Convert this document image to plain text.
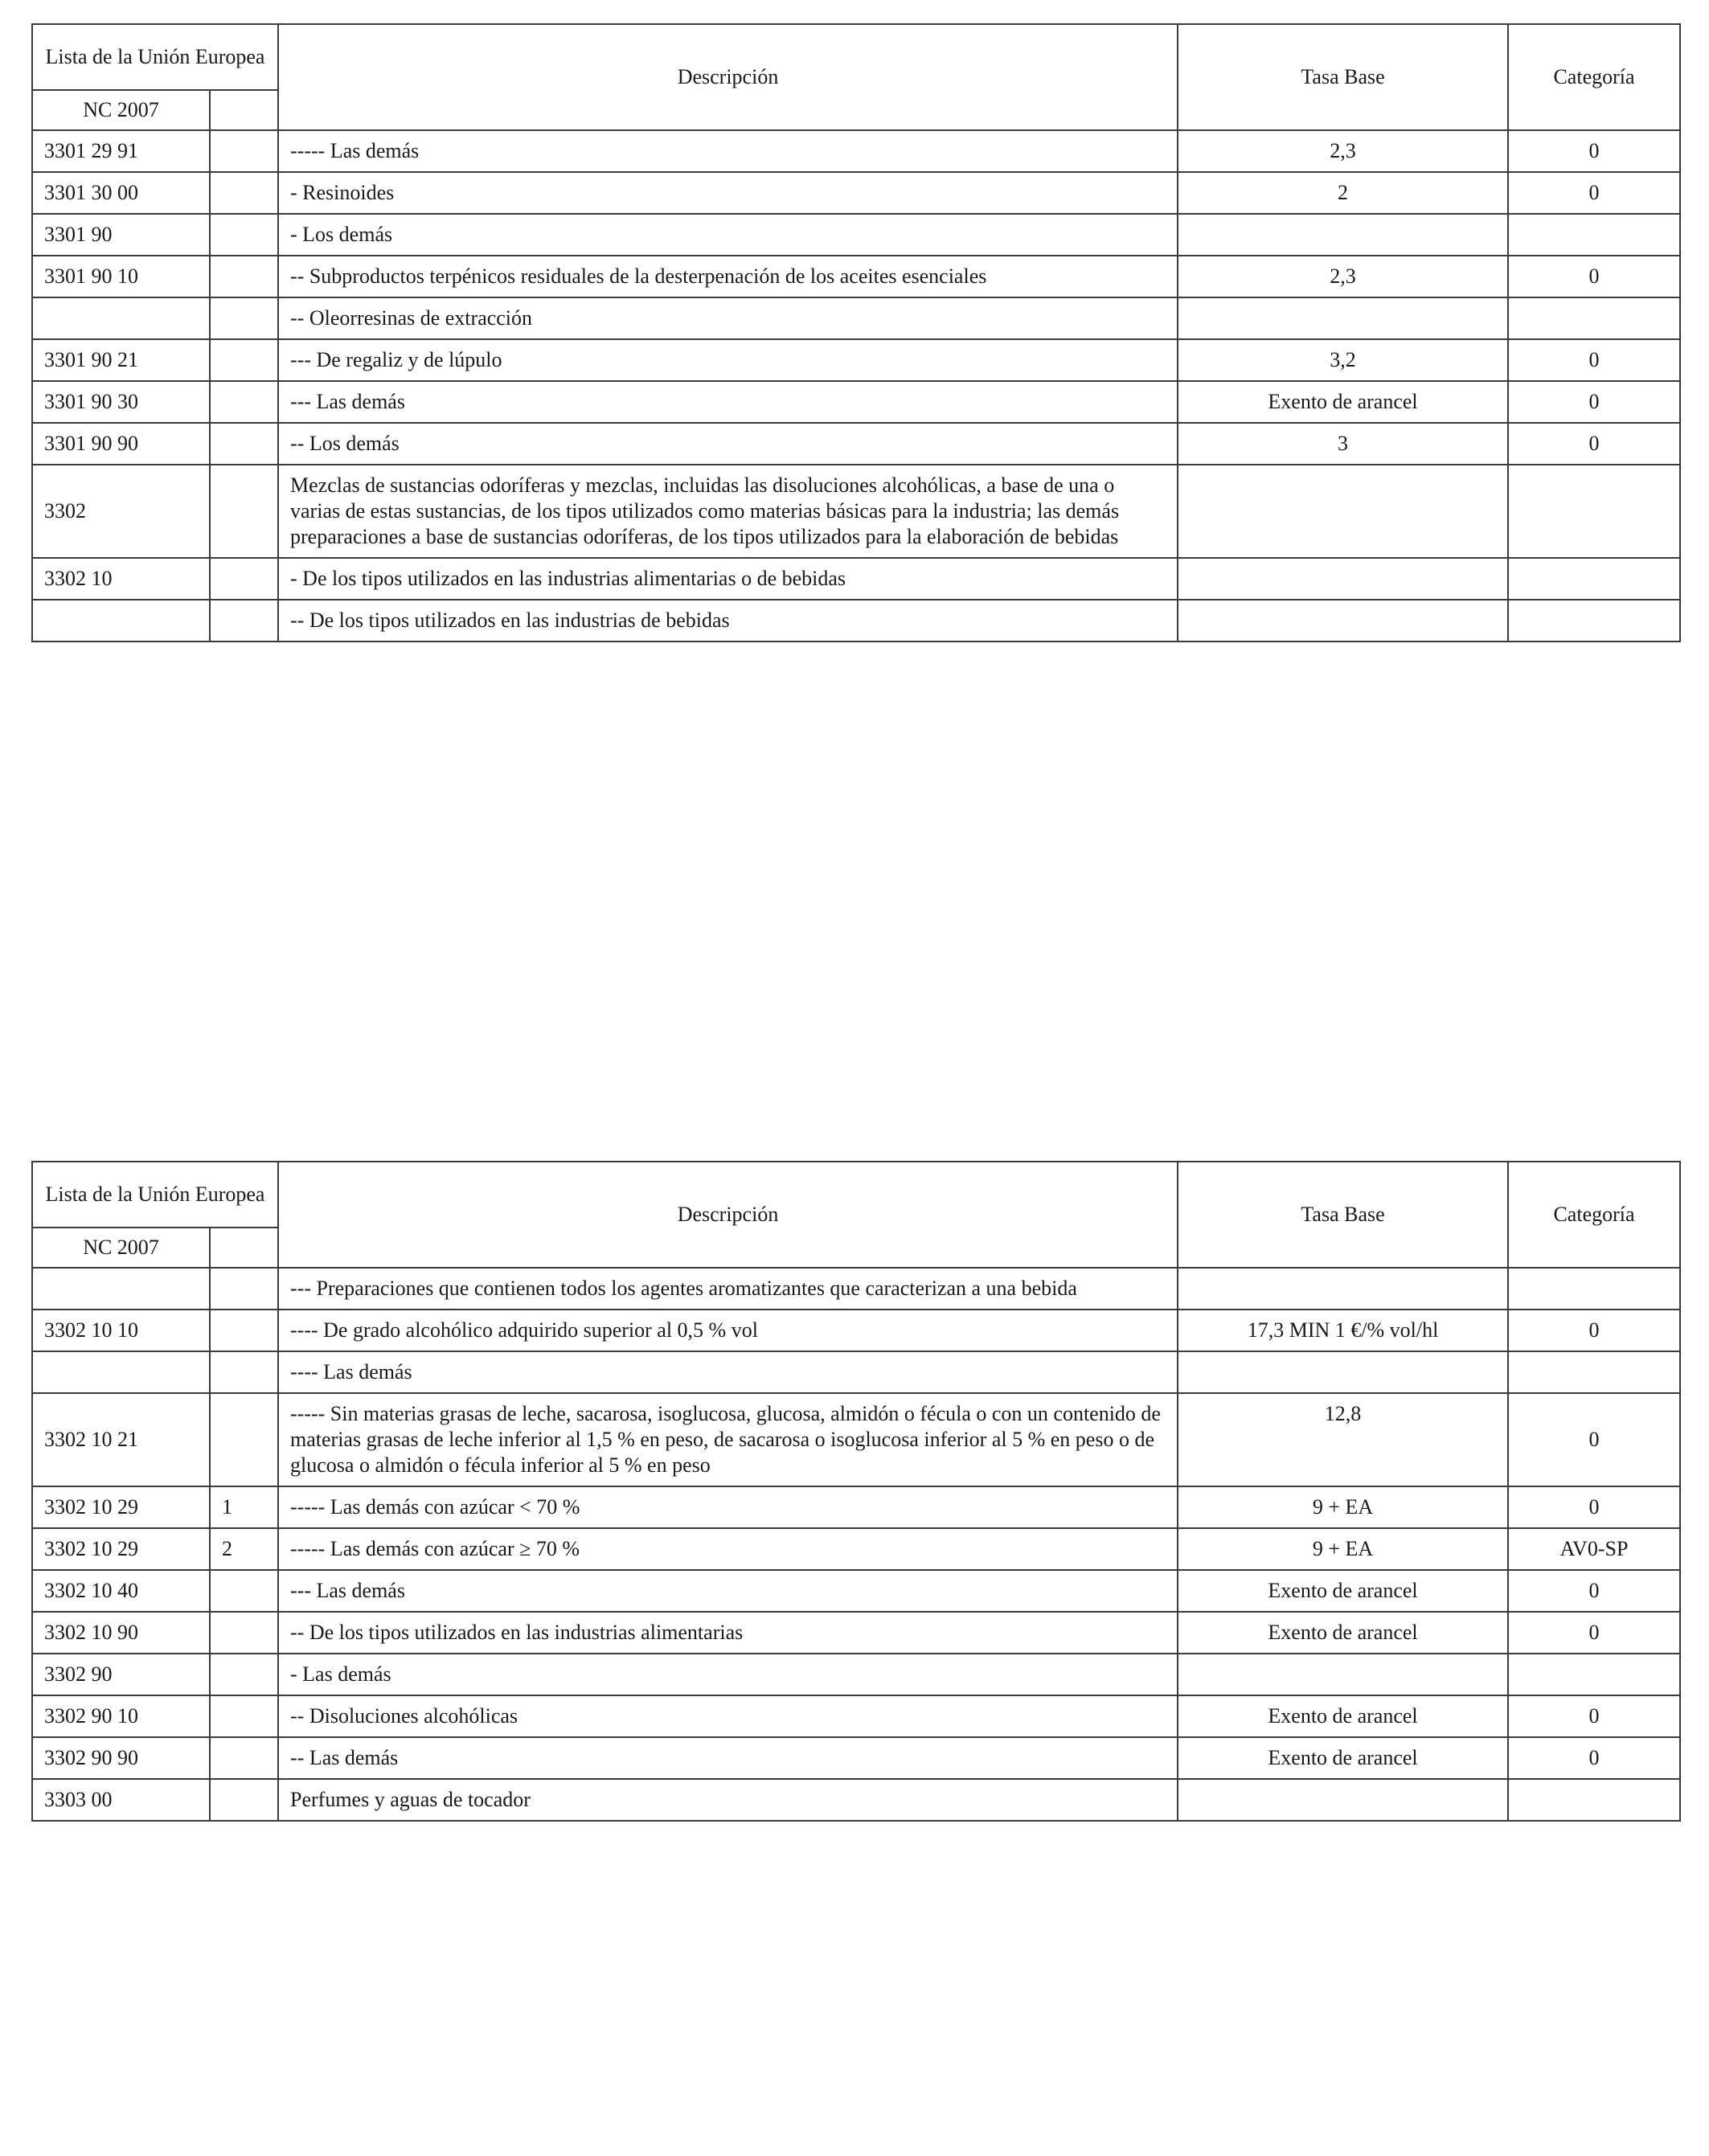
Lista de la Unión Europea		Descripción	Tasa Base	Categoría
NC 2007				
3301 29 91		----- Las demás	2,3	0
3301 30 00		- Resinoides	2	0
3301 90		- Los demás		
3301 90 10		-- Subproductos terpénicos residuales de la desterpenación de los aceites esenciales	2,3	0
		-- Oleorresinas de extracción		
3301 90 21		--- De regaliz y de lúpulo	3,2	0
3301 90 30		--- Las demás	Exento de arancel	0
3301 90 90		-- Los demás	3	0
3302		Mezclas de sustancias odoríferas y mezclas, incluidas las disoluciones alcohólicas, a base de una o varias de estas sustancias, de los tipos utilizados como materias básicas para la industria; las demás preparaciones a base de sustancias odoríferas, de los tipos utilizados para la elaboración de bebidas		
3302 10		- De los tipos utilizados en las industrias alimentarias o de bebidas		
		-- De los tipos utilizados en las industrias de bebidas		
Lista de la Unión Europea		Descripción	Tasa Base	Categoría
NC 2007				
		--- Preparaciones que contienen todos los agentes aromatizantes que caracterizan a una bebida		
3302 10 10		---- De grado alcohólico adquirido superior al 0,5 % vol	17,3 MIN 1 €/% vol/hl	0
		---- Las demás		
3302 10 21		----- Sin materias grasas de leche, sacarosa, isoglucosa, glucosa, almidón o fécula o con un contenido de materias grasas de leche inferior al 1,5 % en peso, de sacarosa o isoglucosa inferior al 5 % en peso o de glucosa o almidón o fécula inferior al 5 % en peso	12,8	0
3302 10 29	1	----- Las demás con azúcar < 70 %	9 + EA	0
3302 10 29	2	----- Las demás con azúcar ≥ 70 %	9 + EA	AV0-SP
3302 10 40		--- Las demás	Exento de arancel	0
3302 10 90		-- De los tipos utilizados en las industrias alimentarias	Exento de arancel	0
3302 90		- Las demás		
3302 90 10		-- Disoluciones alcohólicas	Exento de arancel	0
3302 90 90		-- Las demás	Exento de arancel	0
3303 00		Perfumes y aguas de tocador		
